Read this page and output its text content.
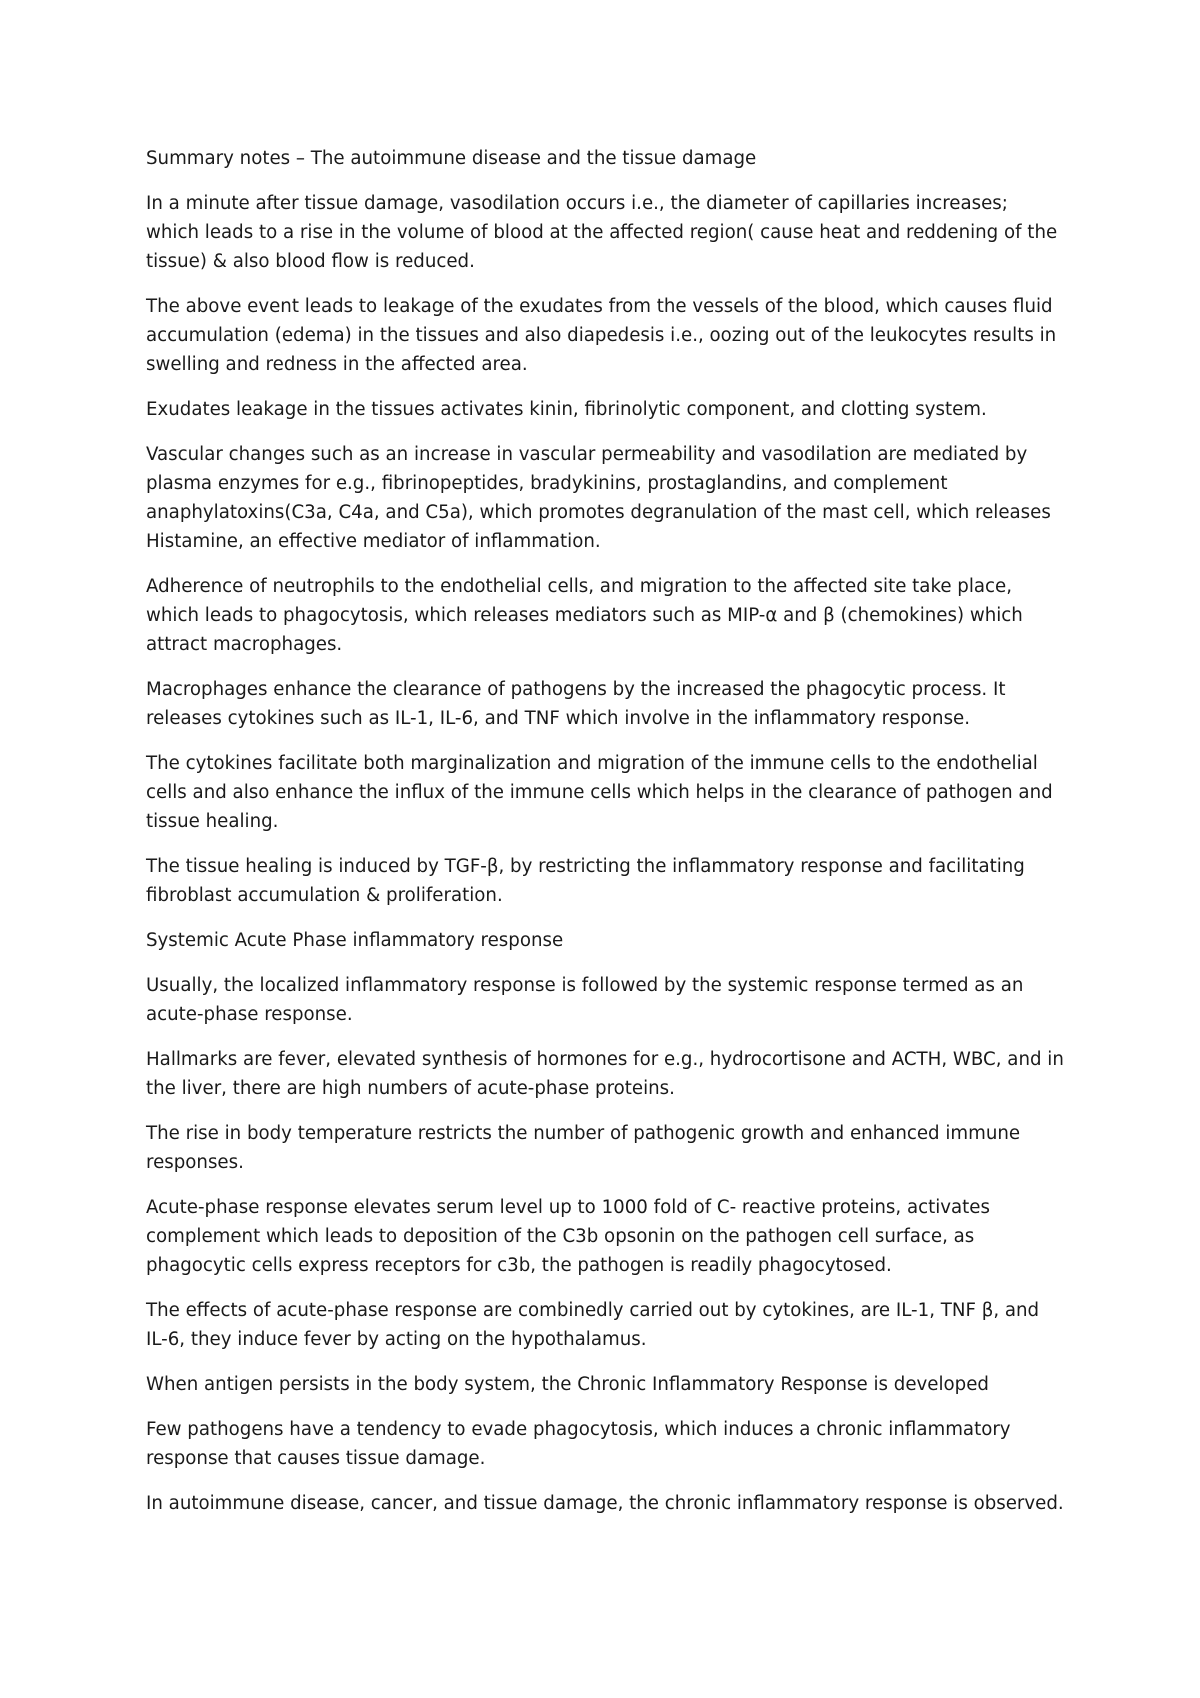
Summary notes – The autoimmune disease and the tissue damage

In a minute after tissue damage, vasodilation occurs i.e., the diameter of capillaries increases; which leads to a rise in the volume of blood at the affected region( cause heat and reddening of the tissue) & also blood flow is reduced.

The above event leads to leakage of the exudates from the vessels of the blood, which causes fluid accumulation (edema) in the tissues and also diapedesis i.e., oozing out of the leukocytes results in swelling and redness in the affected area.

Exudates leakage in the tissues activates kinin, fibrinolytic component, and clotting system.

Vascular changes such as an increase in vascular permeability and vasodilation are mediated by plasma enzymes for e.g., fibrinopeptides, bradykinins, prostaglandins, and complement anaphylatoxins(C3a, C4a, and C5a), which promotes degranulation of the mast cell, which releases Histamine, an effective mediator of inflammation.

Adherence of neutrophils to the endothelial cells, and migration to the affected site take place, which leads to phagocytosis, which releases mediators such as MIP-α and β (chemokines) which attract macrophages.

Macrophages enhance the clearance of pathogens by the increased the phagocytic process. It releases cytokines such as IL-1, IL-6, and TNF which involve in the inflammatory response.

The cytokines facilitate both marginalization and migration of the immune cells to the endothelial cells and also enhance the influx of the immune cells which helps in the clearance of pathogen and tissue healing.

The tissue healing is induced by TGF-β, by restricting the inflammatory response and facilitating fibroblast accumulation & proliferation.

Systemic Acute Phase inflammatory response

Usually, the localized inflammatory response is followed by the systemic response termed as an acute-phase response.

Hallmarks are fever, elevated synthesis of hormones for e.g., hydrocortisone and ACTH, WBC, and in the liver, there are high numbers of acute-phase proteins.

The rise in body temperature restricts the number of pathogenic growth and enhanced immune responses.

Acute-phase response elevates serum level up to 1000 fold of C- reactive proteins, activates complement which leads to deposition of the C3b opsonin on the pathogen cell surface, as phagocytic cells express receptors for c3b, the pathogen is readily phagocytosed.

The effects of acute-phase response are combinedly carried out by cytokines, are IL-1, TNF β, and IL-6, they induce fever by acting on the hypothalamus.

When antigen persists in the body system, the Chronic Inflammatory Response is developed

Few pathogens have a tendency to evade phagocytosis, which induces a chronic inflammatory response that causes tissue damage.

In autoimmune disease, cancer, and tissue damage, the chronic inflammatory response is observed.
